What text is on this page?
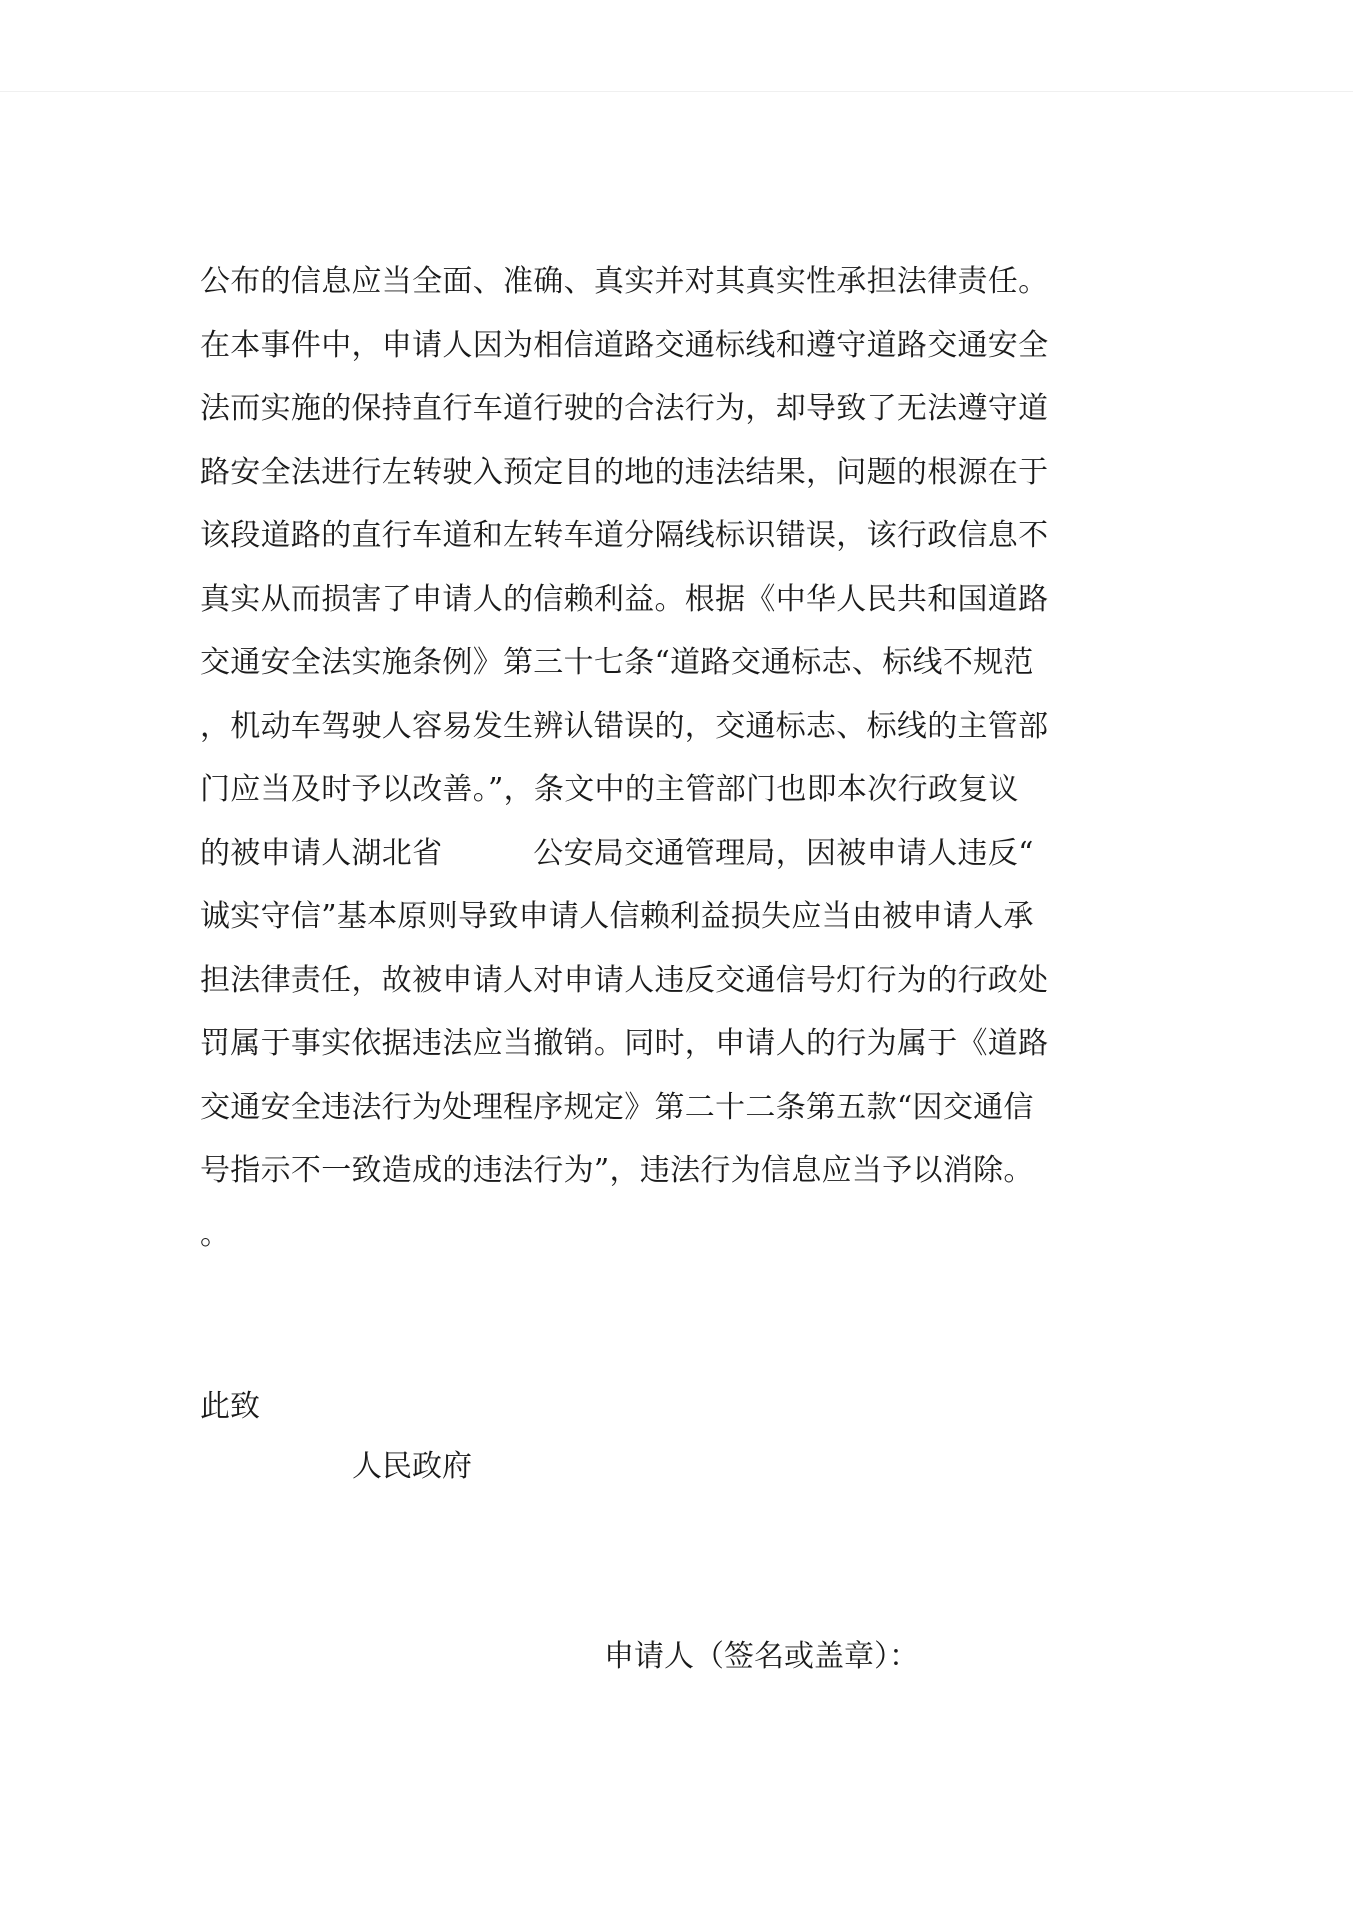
公布的信息应当全面、准确、真实并对其真实性承担法律责任。
在本事件中，申请人因为相信道路交通标线和遵守道路交通安全
法而实施的保持直行车道行驶的合法行为，却导致了无法遵守道
路安全法进行左转驶入预定目的地的违法结果，问题的根源在于
该段道路的直行车道和左转车道分隔线标识错误，该行政信息不
真实从而损害了申请人的信赖利益。根据《中华人民共和国道路
交通安全法实施条例》第三十七条“道路交通标志、标线不规范
，机动车驾驶人容易发生辨认错误的，交通标志、标线的主管部
门应当及时予以改善。”，条文中的主管部门也即本次行政复议
的被申请人湖北省　　　公安局交通管理局，因被申请人违反“
诚实守信”基本原则导致申请人信赖利益损失应当由被申请人承
担法律责任，故被申请人对申请人违反交通信号灯行为的行政处
罚属于事实依据违法应当撤销。同时，申请人的行为属于《道路
交通安全违法行为处理程序规定》第二十二条第五款“因交通信
号指示不一致造成的违法行为”，违法行为信息应当予以消除。
。
此致
人民政府
申请人（签名或盖章）：
